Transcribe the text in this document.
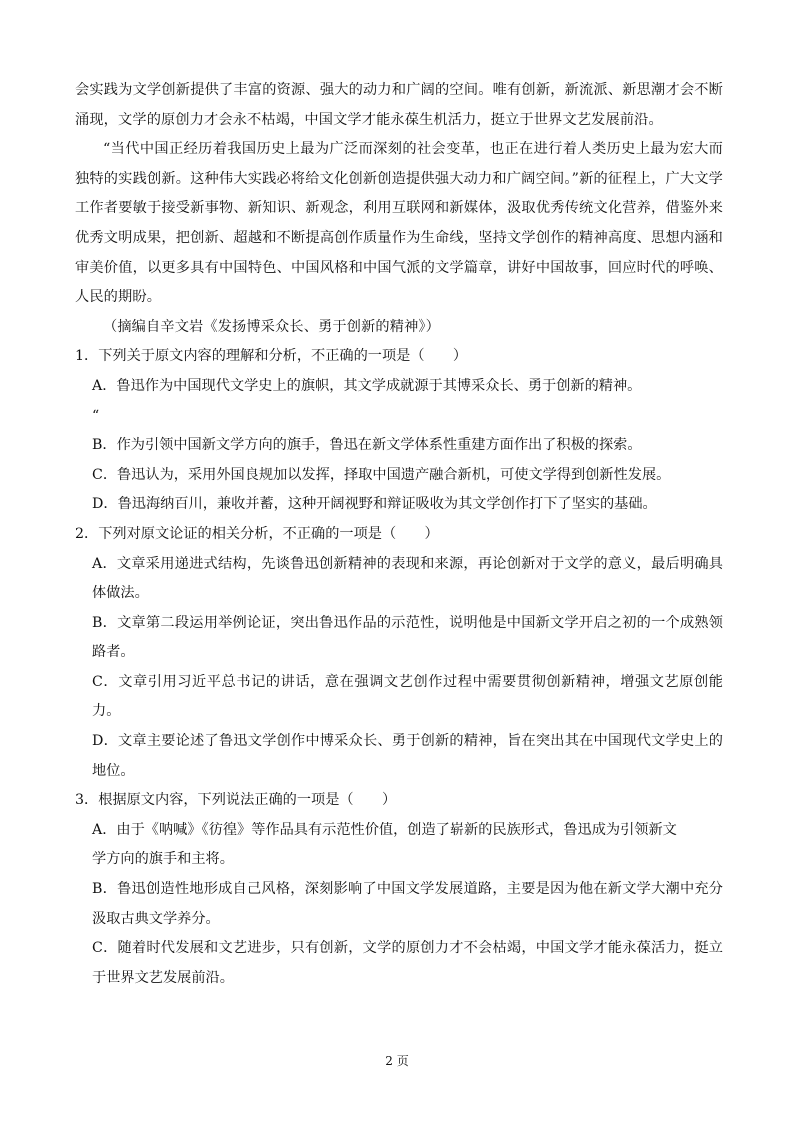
会实践为文学创新提供了丰富的资源、强大的动力和广阔的空间。唯有创新，新流派、新思潮才会不断涌现，文学的原创力才会永不枯竭，中国文学才能永葆生机活力，挺立于世界文艺发展前沿。

“当代中国正经历着我国历史上最为广泛而深刻的社会变革，也正在进行着人类历史上最为宏大而独特的实践创新。这种伟大实践必将给文化创新创造提供强大动力和广阔空间。”新的征程上，广大文学工作者要敏于接受新事物、新知识、新观念，利用互联网和新媒体，汲取优秀传统文化营养，借鉴外来优秀文明成果，把创新、超越和不断提高创作质量作为生命线，坚持文学创作的精神高度、思想内涵和审美价值，以更多具有中国特色、中国风格和中国气派的文学篇章，讲好中国故事，回应时代的呼唤、人民的期盼。

（摘编自辛文岩《发扬博采众长、勇于创新的精神》）

1．下列关于原文内容的理解和分析，不正确的一项是（　　）

A．鲁迅作为中国现代文学史上的旗帜，其文学成就源于其博采众长、勇于创新的精神。

“

B．作为引领中国新文学方向的旗手，鲁迅在新文学体系性重建方面作出了积极的探索。

C．鲁迅认为，采用外国良规加以发挥，择取中国遗产融合新机，可使文学得到创新性发展。

D．鲁迅海纳百川，兼收并蓄，这种开阔视野和辩证吸收为其文学创作打下了坚实的基础。

2．下列对原文论证的相关分析，不正确的一项是（　　）

A．文章采用递进式结构，先谈鲁迅创新精神的表现和来源，再论创新对于文学的意义，最后明确具体做法。

B．文章第二段运用举例论证，突出鲁迅作品的示范性，说明他是中国新文学开启之初的一个成熟领路者。

C．文章引用习近平总书记的讲话，意在强调文艺创作过程中需要贯彻创新精神，增强文艺原创能力。

D．文章主要论述了鲁迅文学创作中博采众长、勇于创新的精神，旨在突出其在中国现代文学史上的地位。

3．根据原文内容，下列说法正确的一项是（　　）

A．由于《呐喊》《彷徨》等作品具有示范性价值，创造了崭新的民族形式，鲁迅成为引领新文

学方向的旗手和主将。

B．鲁迅创造性地形成自己风格，深刻影响了中国文学发展道路，主要是因为他在新文学大潮中充分汲取古典文学养分。

C．随着时代发展和文艺进步，只有创新，文学的原创力才不会枯竭，中国文学才能永葆活力，挺立于世界文艺发展前沿。

2 页
